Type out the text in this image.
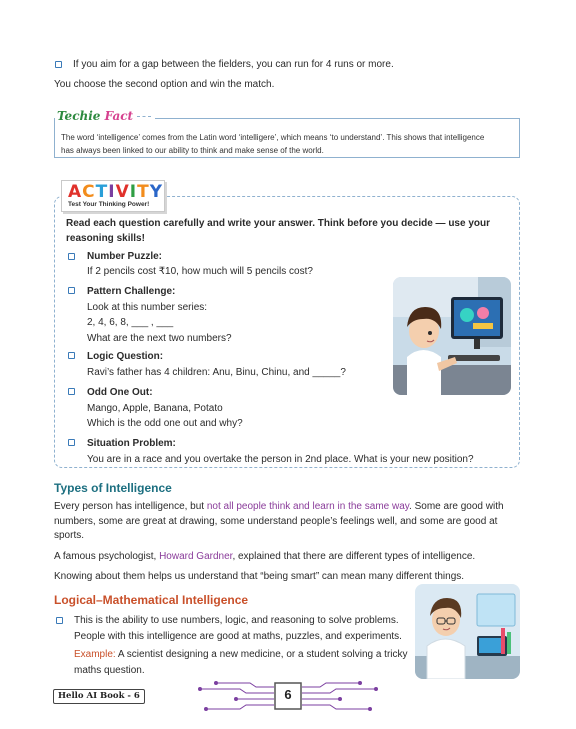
If you aim for a gap between the fielders, you can run for 4 runs or more.
You choose the second option and win the match.
Techie Fact
The word ‘intelligence’ comes from the Latin word ‘intelligere’, which means ‘to understand’. This shows that intelligence
has always been linked to our ability to think and make sense of the world.
ACTIVITY
Test Your Thinking Power!
Read each question carefully and write your answer. Think before you decide — use your
reasoning skills!
Number Puzzle:
If 2 pencils cost ₹10, how much will 5 pencils cost?
Pattern Challenge:
Look at this number series:
2, 4, 6, 8, ___ , ___
What are the next two numbers?
Logic Question:
Ravi’s father has 4 children: Anu, Binu, Chinu, and _____?
Odd One Out:
Mango, Apple, Banana, Potato
Which is the odd one out and why?
Situation Problem:
You are in a race and you overtake the person in 2nd place. What is your new position?
Types of Intelligence
Every person has intelligence, but not all people think and learn in the same way. Some are good with
numbers, some are great at drawing, some understand people’s feelings well, and some are good at
sports.
A famous psychologist, Howard Gardner, explained that there are different types of intelligence.
Knowing about them helps us understand that “being smart” can mean many different things.
Logical–Mathematical Intelligence
This is the ability to use numbers, logic, and reasoning to solve problems.
People with this intelligence are good at maths, puzzles, and experiments.
Example: A scientist designing a new medicine, or a student solving a tricky
maths question.
Hello AI Book - 6	6
